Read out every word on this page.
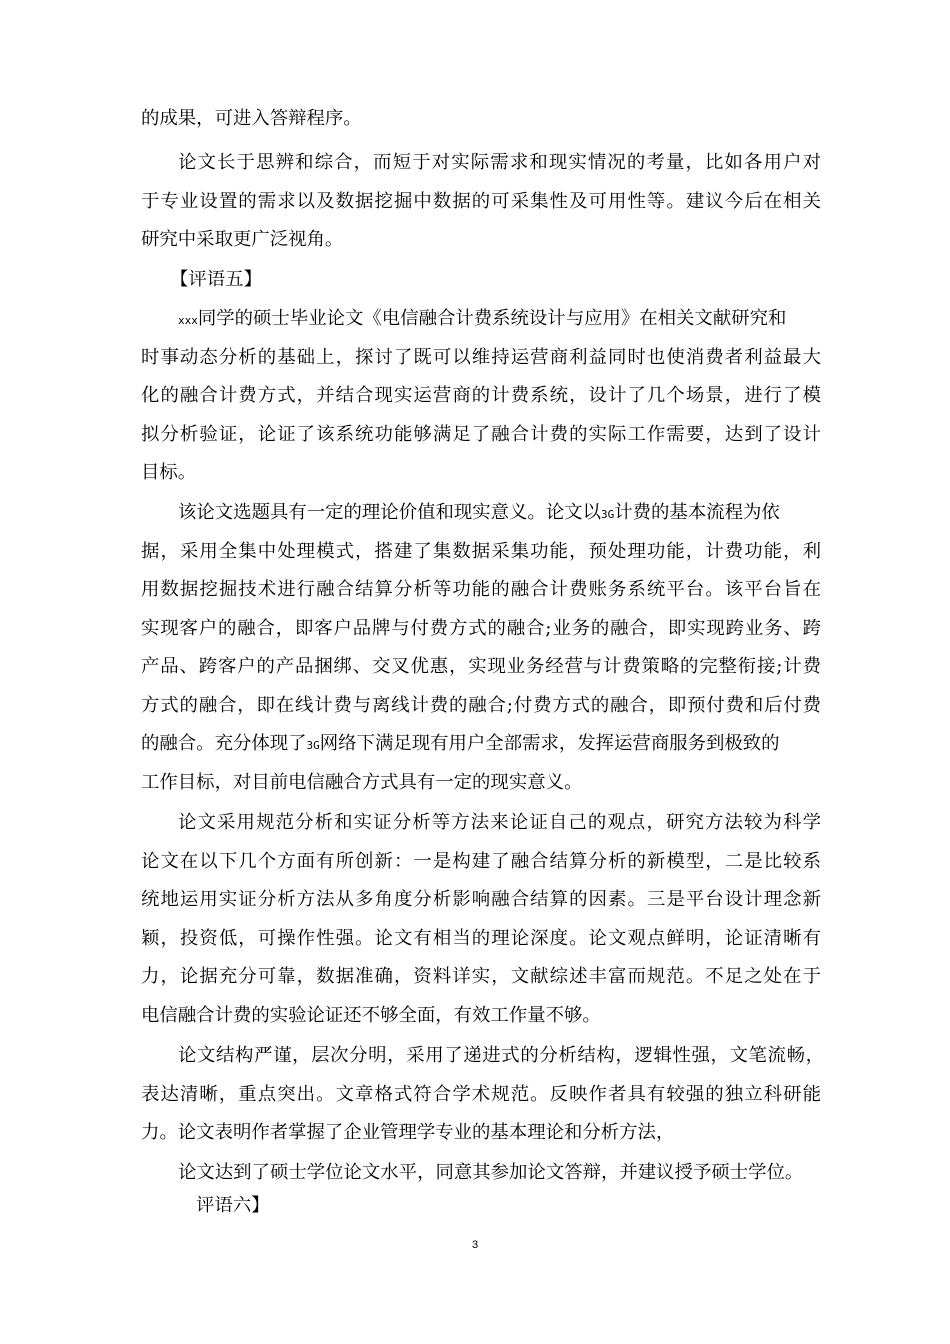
的成果，可进入答辩程序。
论文长于思辨和综合，而短于对实际需求和现实情况的考量，比如各用户对
于专业设置的需求以及数据挖掘中数据的可采集性及可用性等。建议今后在相关
研究中采取更广泛视角。
【评语五】
xxx同学的硕士毕业论文《电信融合计费系统设计与应用》在相关文献研究和
时事动态分析的基础上，探讨了既可以维持运营商利益同时也使消费者利益最大
化的融合计费方式，并结合现实运营商的计费系统，设计了几个场景，进行了模
拟分析验证，论证了该系统功能够满足了融合计费的实际工作需要，达到了设计
目标。
该论文选题具有一定的理论价值和现实意义。论文以3G计费的基本流程为依
据，采用全集中处理模式，搭建了集数据采集功能，预处理功能，计费功能，利
用数据挖掘技术进行融合结算分析等功能的融合计费账务系统平台。该平台旨在
实现客户的融合，即客户品牌与付费方式的融合;业务的融合，即实现跨业务、跨
产品、跨客户的产品捆绑、交叉优惠，实现业务经营与计费策略的完整衔接;计费
方式的融合，即在线计费与离线计费的融合;付费方式的融合，即预付费和后付费
的融合。充分体现了3G网络下满足现有用户全部需求，发挥运营商服务到极致的
工作目标，对目前电信融合方式具有一定的现实意义。
论文采用规范分析和实证分析等方法来论证自己的观点，研究方法较为科学
论文在以下几个方面有所创新：一是构建了融合结算分析的新模型，二是比较系
统地运用实证分析方法从多角度分析影响融合结算的因素。三是平台设计理念新
颖，投资低，可操作性强。论文有相当的理论深度。论文观点鲜明，论证清晰有
力，论据充分可靠，数据准确，资料详实，文献综述丰富而规范。不足之处在于
电信融合计费的实验论证还不够全面，有效工作量不够。
论文结构严谨，层次分明，采用了递进式的分析结构，逻辑性强，文笔流畅，
表达清晰，重点突出。文章格式符合学术规范。反映作者具有较强的独立科研能
力。论文表明作者掌握了企业管理学专业的基本理论和分析方法，
论文达到了硕士学位论文水平，同意其参加论文答辩，并建议授予硕士学位。
评语六】
3
